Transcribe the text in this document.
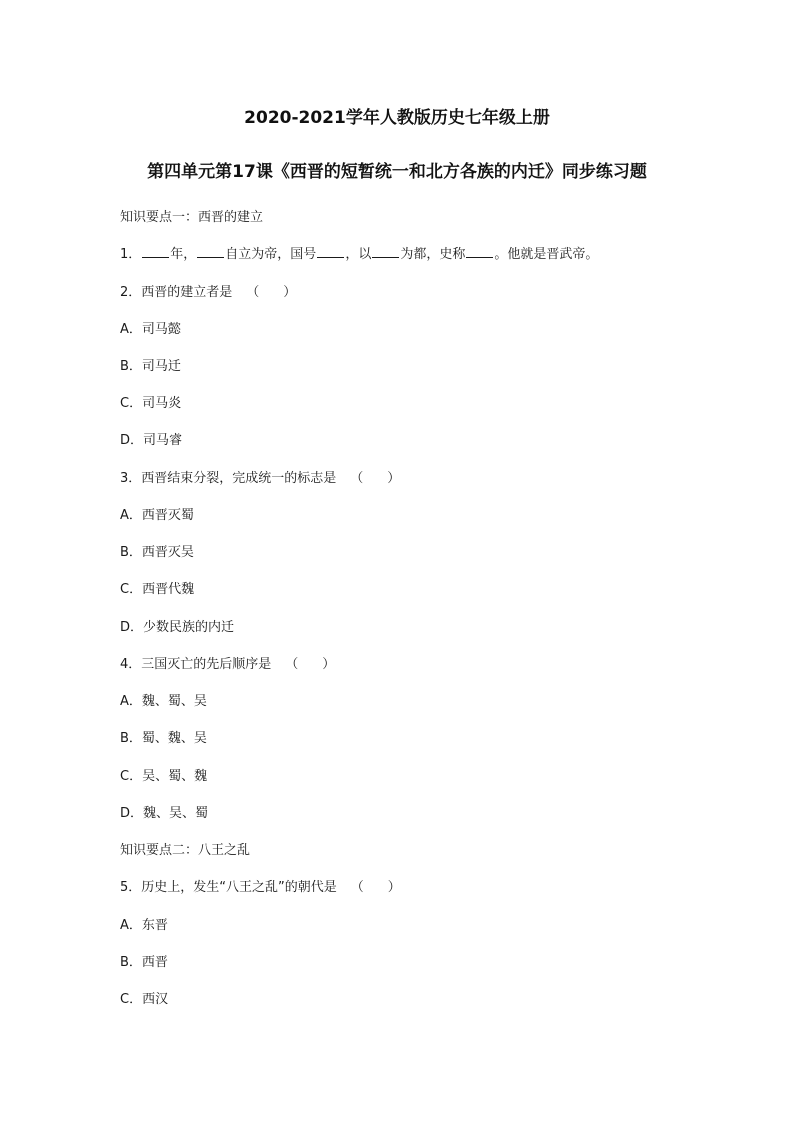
2020-2021学年人教版历史七年级上册
第四单元第17课《西晋的短暂统一和北方各族的内迁》同步练习题
知识要点一：西晋的建立
1． 年， 自立为帝，国号 ，以 为都，史称 。他就是晋武帝。
2．西晋的建立者是 （ ）
A．司马懿
B．司马迁
C．司马炎
D．司马睿
3．西晋结束分裂，完成统一的标志是 （ ）
A．西晋灭蜀
B．西晋灭吴
C．西晋代魏
D．少数民族的内迁
4．三国灭亡的先后顺序是 （ ）
A．魏、蜀、吴
B．蜀、魏、吴
C．吴、蜀、魏
D．魏、吴、蜀
知识要点二：八王之乱
5．历史上，发生“八王之乱”的朝代是 （ ）
A．东晋
B．西晋
C．西汉
